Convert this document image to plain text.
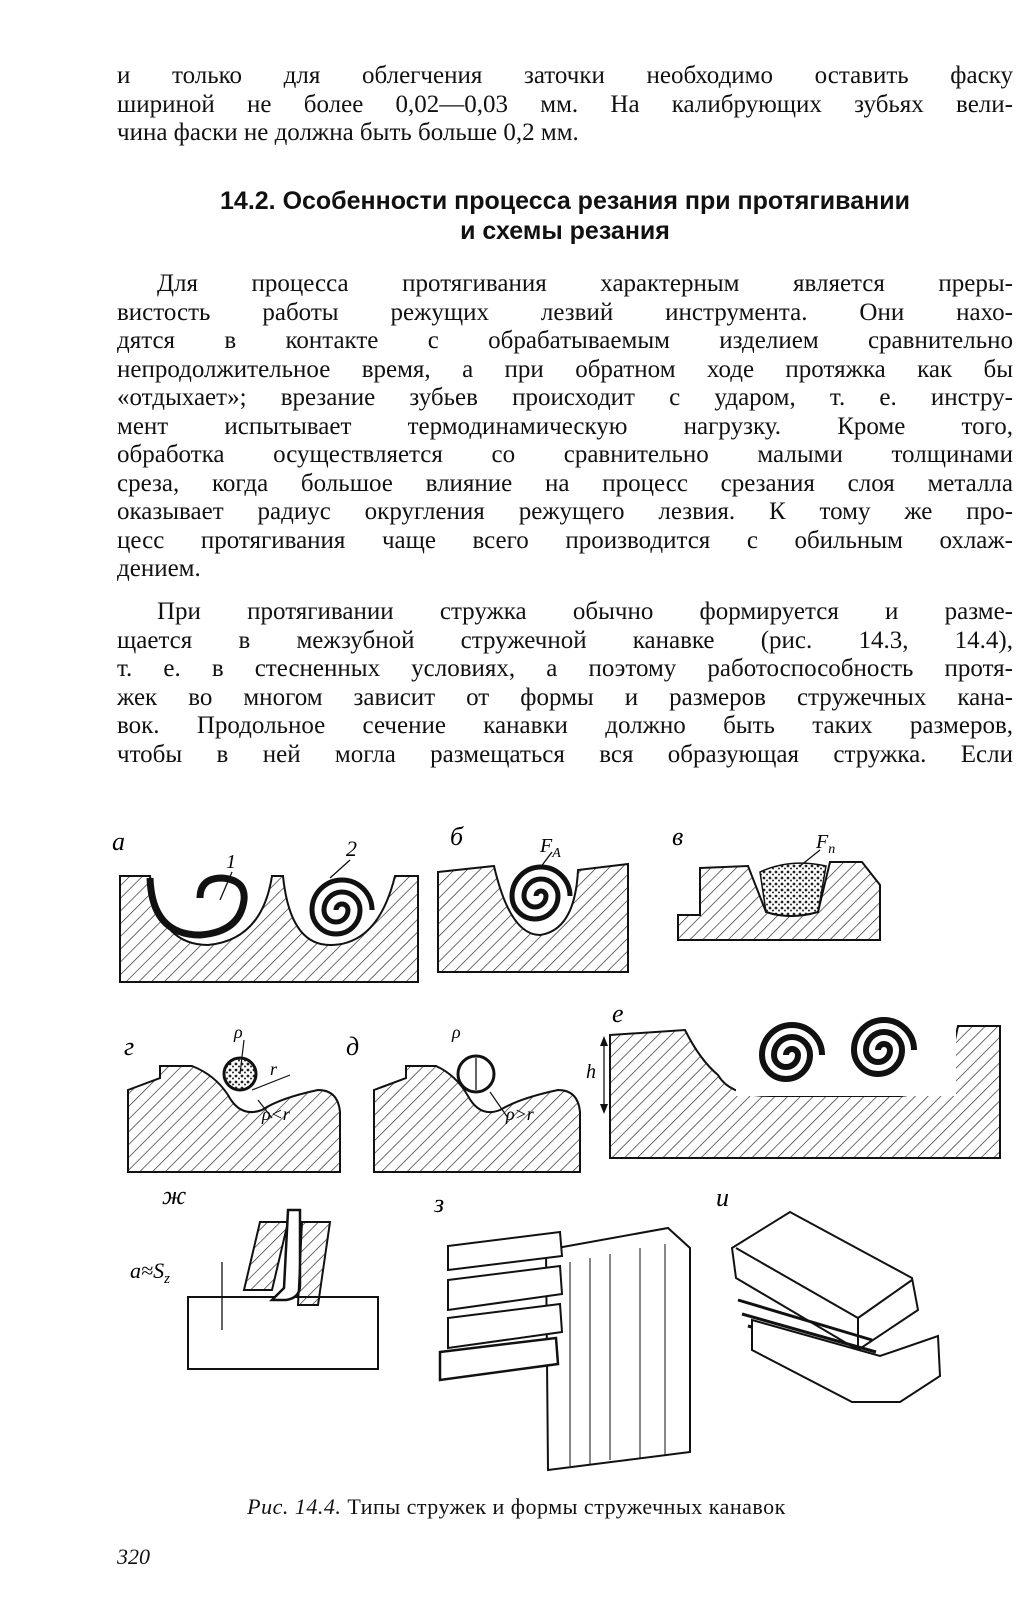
и только для облегчения заточки необходимо оставить фаску
шириной не более 0,02—0,03 мм. На калибрующих зубьях вели-
чина фаски не должна быть больше 0,2 мм.

14.2. Особенности процесса резания при протягивании
и схемы резания

Для процесса протягивания характерным является преры-
вистость работы режущих лезвий инструмента. Они нахо-
дятся в контакте с обрабатываемым изделием сравнительно
непродолжительное время, а при обратном ходе протяжка как бы
«отдыхает»; врезание зубьев происходит с ударом, т. е. инстру-
мент испытывает термодинамическую нагрузку. Кроме того,
обработка осуществляется со сравнительно малыми толщинами
среза, когда большое влияние на процесс срезания слоя металла
оказывает радиус округления режущего лезвия. К тому же про-
цесс протягивания чаще всего производится с обильным охлаж-
дением.

При протягивании стружка обычно формируется и разме-
щается в межзубной стружечной канавке (рис. 14.3, 14.4),
т. е. в стесненных условиях, а поэтому работоспособность протя-
жек во многом зависит от формы и размеров стружечных кана-
вок. Продольное сечение канавки должно быть таких размеров,
чтобы в ней могла размещаться вся образующая стружка. Если

а
1
2	б	$F_A$
в	$F_n$
г	ρ
r
ρ<r
д	ρ
ρ>r
е
h
ж
$a\approx S_z$
з	и
Рис. 14.4. Типы стружек и формы стружечных канавок
320
